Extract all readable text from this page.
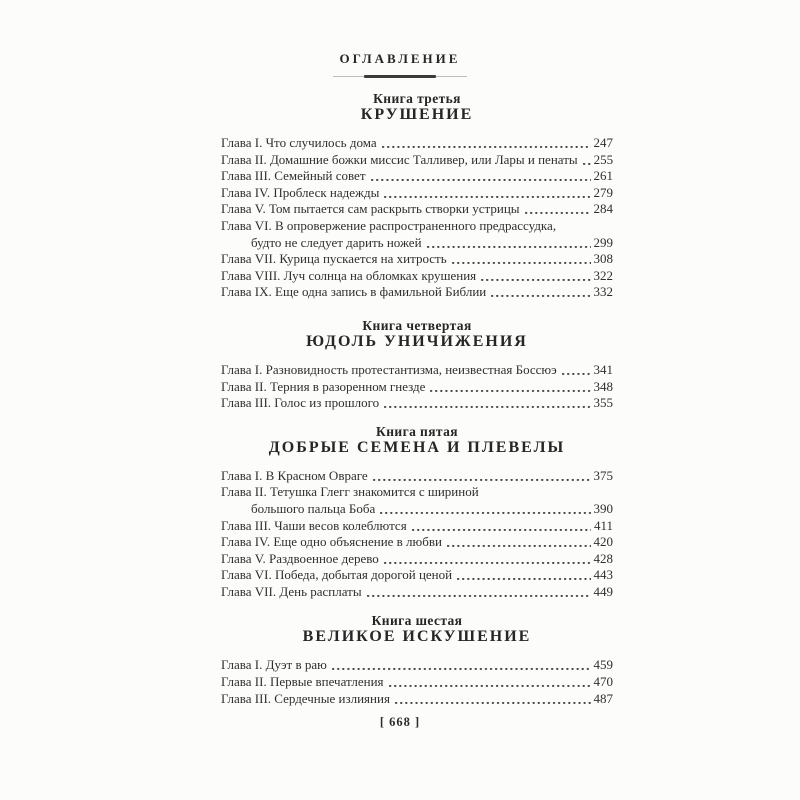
ОГЛАВЛЕНИЕ
Книга третья
КРУШЕНИЕ
Глава I. Что случилось дома	247
Глава II. Домашние божки миссис Талливер, или Лары и пенаты 255
Глава III. Семейный совет	261
Глава IV. Проблеск надежды	279
Глава V. Том пытается сам раскрыть створки устрицы	284
Глава VI. В опровержение распространенного предрассудка,
будто не следует дарить ножей	299
Глава VII. Курица пускается на хитрость	308
Глава VIII. Луч солнца на обломках крушения	322
Глава IX. Еще одна запись в фамильной Библии	332
Книга четвертая
ЮДОЛЬ УНИЧИЖЕНИЯ
Глава I. Разновидность протестантизма, неизвестная Боссюэ	341
Глава II. Терния в разоренном гнезде	348
Глава III. Голос из прошлого	355
Книга пятая
ДОБРЫЕ СЕМЕНА И ПЛЕВЕЛЫ
Глава I. В Красном Овраге	375
Глава II. Тетушка Глегг знакомится с шириной
большого пальца Боба	390
Глава III. Чаши весов колеблются	411
Глава IV. Еще одно объяснение в любви	420
Глава V. Раздвоенное дерево	428
Глава VI. Победа, добытая дорогой ценой	443
Глава VII. День расплаты	449
Книга шестая
ВЕЛИКОЕ ИСКУШЕНИЕ
Глава I. Дуэт в раю	459
Глава II. Первые впечатления	470
Глава III. Сердечные излияния	487
[ 668 ]
